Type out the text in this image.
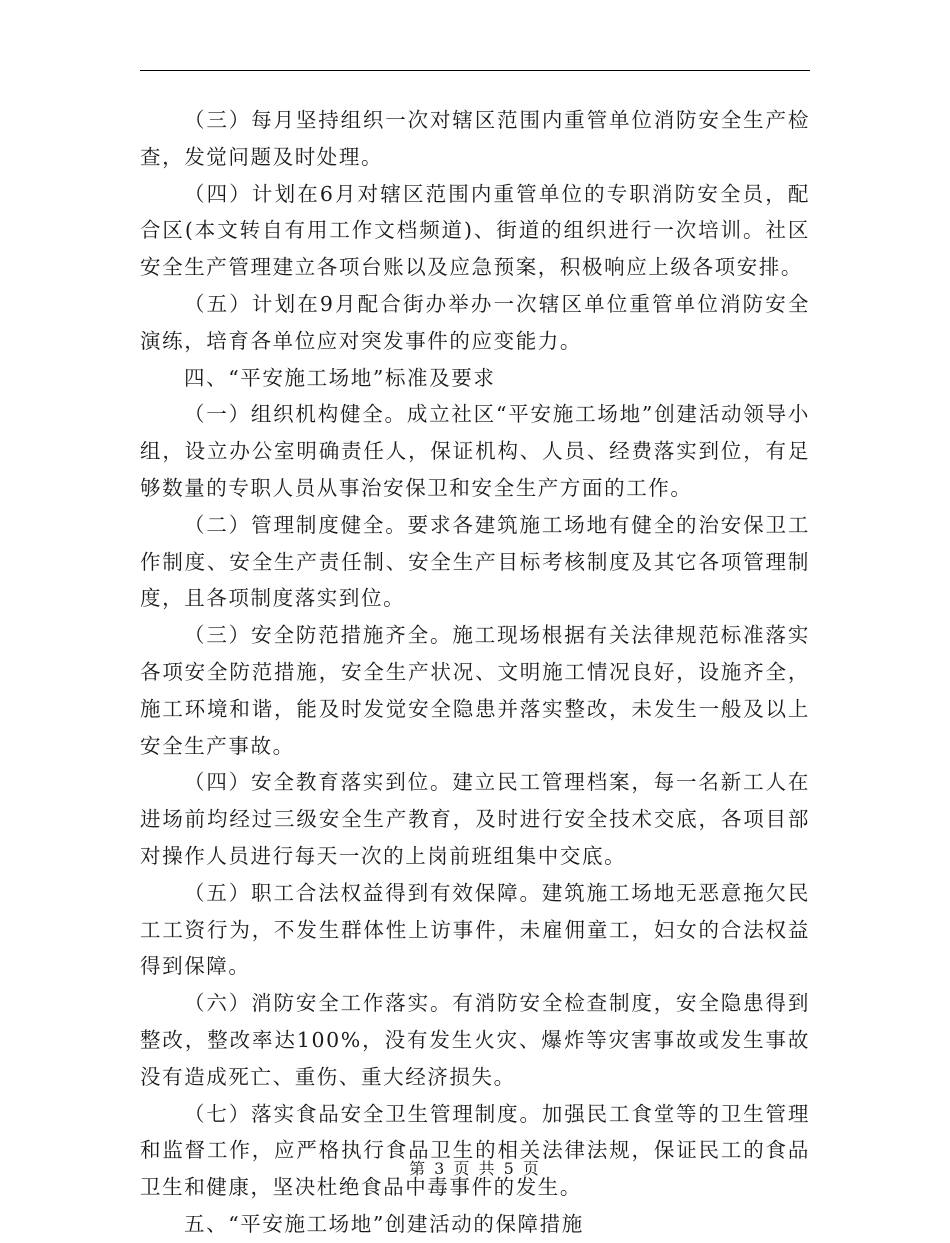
（三）每月坚持组织一次对辖区范围内重管单位消防安全生产检查，发觉问题及时处理。

（四）计划在6月对辖区范围内重管单位的专职消防安全员，配合区(本文转自有用工作文档频道)、街道的组织进行一次培训。社区安全生产管理建立各项台账以及应急预案，积极响应上级各项安排。

（五）计划在9月配合街办举办一次辖区单位重管单位消防安全演练，培育各单位应对突发事件的应变能力。

四、“平安施工场地”标准及要求

（一）组织机构健全。成立社区“平安施工场地”创建活动领导小组，设立办公室明确责任人，保证机构、人员、经费落实到位，有足够数量的专职人员从事治安保卫和安全生产方面的工作。

（二）管理制度健全。要求各建筑施工场地有健全的治安保卫工作制度、安全生产责任制、安全生产目标考核制度及其它各项管理制度，且各项制度落实到位。

（三）安全防范措施齐全。施工现场根据有关法律规范标准落实各项安全防范措施，安全生产状况、文明施工情况良好，设施齐全，施工环境和谐，能及时发觉安全隐患并落实整改，未发生一般及以上安全生产事故。

（四）安全教育落实到位。建立民工管理档案，每一名新工人在进场前均经过三级安全生产教育，及时进行安全技术交底，各项目部对操作人员进行每天一次的上岗前班组集中交底。

（五）职工合法权益得到有效保障。建筑施工场地无恶意拖欠民工工资行为，不发生群体性上访事件，未雇佣童工，妇女的合法权益得到保障。

（六）消防安全工作落实。有消防安全检查制度，安全隐患得到整改，整改率达100%，没有发生火灾、爆炸等灾害事故或发生事故没有造成死亡、重伤、重大经济损失。

（七）落实食品安全卫生管理制度。加强民工食堂等的卫生管理和监督工作，应严格执行食品卫生的相关法律法规，保证民工的食品卫生和健康，坚决杜绝食品中毒事件的发生。

五、“平安施工场地”创建活动的保障措施

第 3 页 共 5 页
